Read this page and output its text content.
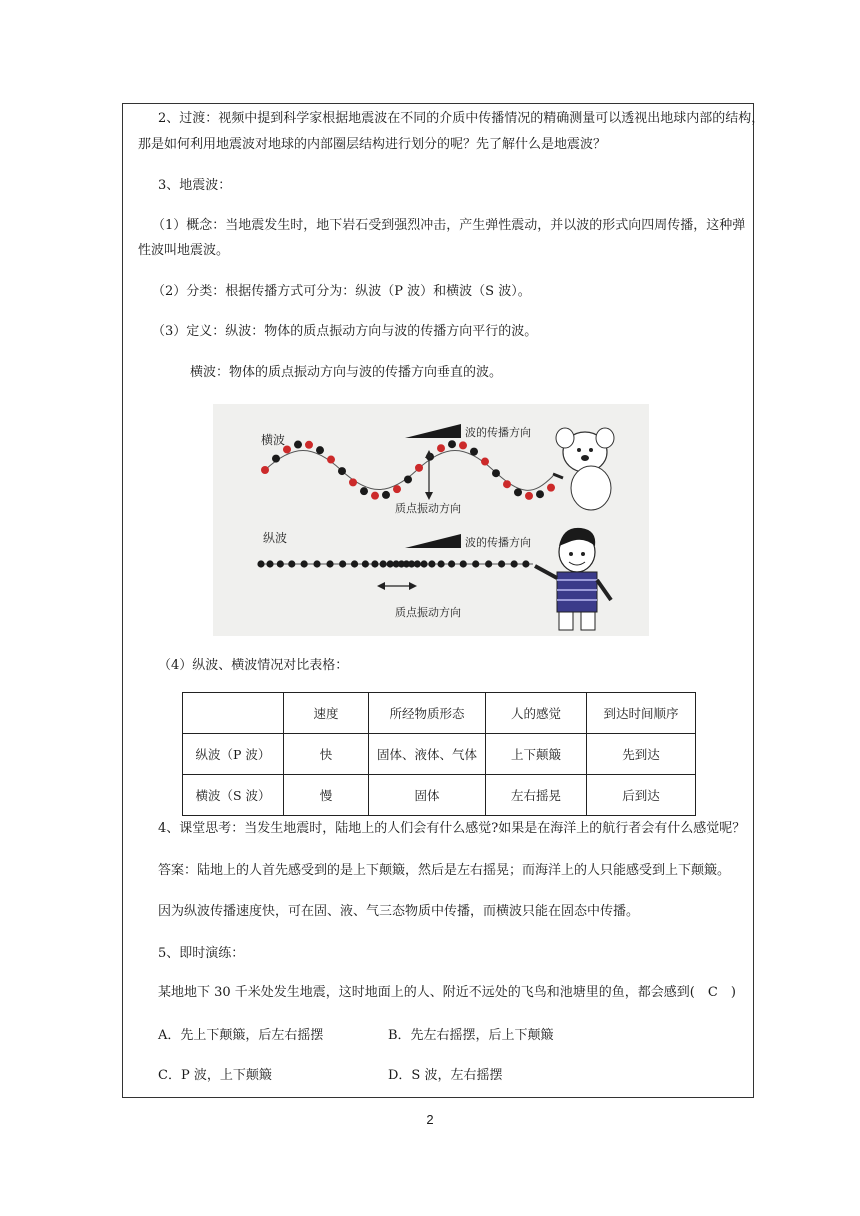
2、过渡：视频中提到科学家根据地震波在不同的介质中传播情况的精确测量可以透视出地球内部的结构，
那是如何利用地震波对地球的内部圈层结构进行划分的呢？先了解什么是地震波？
3、地震波：
（1）概念：当地震发生时，地下岩石受到强烈冲击，产生弹性震动，并以波的形式向四周传播，这种弹
性波叫地震波。
（2）分类：根据传播方式可分为：纵波（P 波）和横波（S 波）。
（3）定义：纵波：物体的质点振动方向与波的传播方向平行的波。
横波：物体的质点振动方向与波的传播方向垂直的波。
横波
波的传播方向
质点振动方向
纵波	波的传播方向
质点振动方向
（4）纵波、横波情况对比表格：
	速度	所经物质形态	人的感觉	到达时间顺序
纵波（P 波）	快	固体、液体、气体	上下颠簸	先到达
横波（S 波）	慢	固体	左右摇晃	后到达
4、课堂思考：当发生地震时，陆地上的人们会有什么感觉?如果是在海洋上的航行者会有什么感觉呢？
答案：陆地上的人首先感受到的是上下颠簸，然后是左右摇晃；而海洋上的人只能感受到上下颠簸。
因为纵波传播速度快，可在固、液、气三态物质中传播，而横波只能在固态中传播。
5、即时演练：
某地地下 30 千米处发生地震，这时地面上的人、附近不远处的飞鸟和池塘里的鱼，都会感到(　C　)
A．先上下颠簸，后左右摇摆	B．先左右摇摆，后上下颠簸
C．P 波，上下颠簸	D．S 波，左右摇摆
2
